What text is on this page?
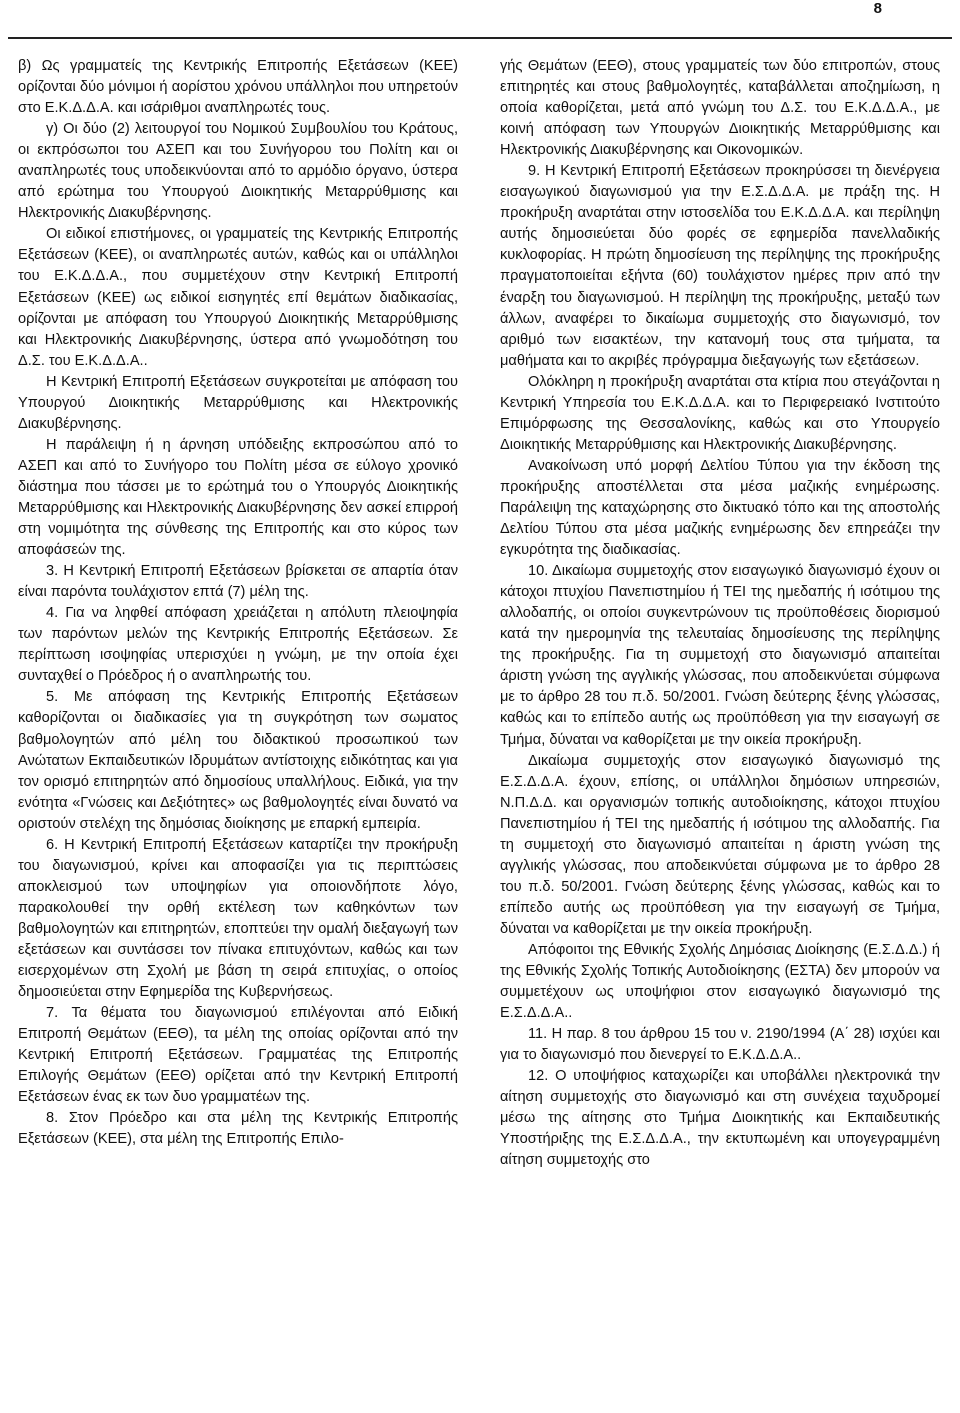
8

β) Ως γραμματείς της Κεντρικής Επιτροπής Εξετάσεων (ΚΕΕ) ορίζονται δύο μόνιμοι ή αορίστου χρόνου υπάλληλοι που υπηρετούν στο Ε.Κ.Δ.Δ.Α. και ισάριθμοι αναπληρωτές τους.

γ) Οι δύο (2) λειτουργοί του Νομικού Συμβουλίου του Κράτους, οι εκπρόσωποι του ΑΣΕΠ και του Συνήγορου του Πολίτη και οι αναπληρωτές τους υποδεικνύονται από το αρμόδιο όργανο, ύστερα από ερώτημα του Υπουργού Διοικητικής Μεταρρύθμισης και Ηλεκτρονικής Διακυβέρνησης.

Οι ειδικοί επιστήμονες, οι γραμματείς της Κεντρικής Επιτροπής Εξετάσεων (ΚΕΕ), οι αναπληρωτές αυτών, καθώς και οι υπάλληλοι του Ε.Κ.Δ.Δ.Α., που συμμετέχουν στην Κεντρική Επιτροπή Εξετάσεων (ΚΕΕ) ως ειδικοί εισηγητές επί θεμάτων διαδικασίας, ορίζονται με απόφαση του Υπουργού Διοικητικής Μεταρρύθμισης και Ηλεκτρονικής Διακυβέρνησης, ύστερα από γνωμοδότηση του Δ.Σ. του Ε.Κ.Δ.Δ.Α..

Η Κεντρική Επιτροπή Εξετάσεων συγκροτείται με απόφαση του Υπουργού Διοικητικής Μεταρρύθμισης και Ηλεκτρονικής Διακυβέρνησης.

Η παράλειψη ή η άρνηση υπόδειξης εκπροσώπου από το ΑΣΕΠ και από το Συνήγορο του Πολίτη μέσα σε εύλογο χρονικό διάστημα που τάσσει με το ερώτημά του ο Υπουργός Διοικητικής Μεταρρύθμισης και Ηλεκτρονικής Διακυβέρνησης δεν ασκεί επιρροή στη νομιμότητα της σύνθεσης της Επιτροπής και στο κύρος των αποφάσεών της.

3. Η Κεντρική Επιτροπή Εξετάσεων βρίσκεται σε απαρτία όταν είναι παρόντα τουλάχιστον επτά (7) μέλη της.

4. Για να ληφθεί απόφαση χρειάζεται η απόλυτη πλειοψηφία των παρόντων μελών της Κεντρικής Επιτροπής Εξετάσεων. Σε περίπτωση ισοψηφίας υπερισχύει η γνώμη, με την οποία έχει συνταχθεί ο Πρόεδρος ή ο αναπληρωτής του.

5. Με απόφαση της Κεντρικής Επιτροπής Εξετάσεων καθορίζονται οι διαδικασίες για τη συγκρότηση των σωματος βαθμολογητών από μέλη του διδακτικού προσωπικού των Ανώτατων Εκπαιδευτικών Ιδρυμάτων αντίστοιχης ειδικότητας και για τον ορισμό επιτηρητών από δημοσίους υπαλλήλους. Ειδικά, για την ενότητα «Γνώσεις και Δεξιότητες» ως βαθμολογητές είναι δυνατό να οριστούν στελέχη της δημόσιας διοίκησης με επαρκή εμπειρία.

6. Η Κεντρική Επιτροπή Εξετάσεων καταρτίζει την προκήρυξη του διαγωνισμού, κρίνει και αποφασίζει για τις περιπτώσεις αποκλεισμού των υποψηφίων για οποιονδήποτε λόγο, παρακολουθεί την ορθή εκτέλεση των καθηκόντων των βαθμολογητών και επιτηρητών, εποπτεύει την ομαλή διεξαγωγή των εξετάσεων και συντάσσει τον πίνακα επιτυχόντων, καθώς και των εισερχομένων στη Σχολή με βάση τη σειρά επιτυχίας, ο οποίος δημοσιεύεται στην Εφημερίδα της Κυβερνήσεως.

7. Τα θέματα του διαγωνισμού επιλέγονται από Ειδική Επιτροπή Θεμάτων (ΕΕΘ), τα μέλη της οποίας ορίζονται από την Κεντρική Επιτροπή Εξετάσεων. Γραμματέας της Επιτροπής Επιλογής Θεμάτων (ΕΕΘ) ορίζεται από την Κεντρική Επιτροπή Εξετάσεων ένας εκ των δυο γραμματέων της.

8. Στον Πρόεδρο και στα μέλη της Κεντρικής Επιτροπής Εξετάσεων (ΚΕΕ), στα μέλη της Επιτροπής Επιλο-

γής Θεμάτων (ΕΕΘ), στους γραμματείς των δύο επιτροπών, στους επιτηρητές και στους βαθμολογητές, καταβάλλεται αποζημίωση, η οποία καθορίζεται, μετά από γνώμη του Δ.Σ. του Ε.Κ.Δ.Δ.Α., με κοινή απόφαση των Υπουργών Διοικητικής Μεταρρύθμισης και Ηλεκτρονικής Διακυβέρνησης και Οικονομικών.

9. Η Κεντρική Επιτροπή Εξετάσεων προκηρύσσει τη διενέργεια εισαγωγικού διαγωνισμού για την Ε.Σ.Δ.Δ.Α. με πράξη της. Η προκήρυξη αναρτάται στην ιστοσελίδα του Ε.Κ.Δ.Δ.Α. και περίληψη αυτής δημοσιεύεται δύο φορές σε εφημερίδα πανελλαδικής κυκλοφορίας. Η πρώτη δημοσίευση της περίληψης της προκήρυξης πραγματοποιείται εξήντα (60) τουλάχιστον ημέρες πριν από την έναρξη του διαγωνισμού. Η περίληψη της προκήρυξης, μεταξύ των άλλων, αναφέρει το δικαίωμα συμμετοχής στο διαγωνισμό, τον αριθμό των εισακτέων, την κατανομή τους στα τμήματα, τα μαθήματα και το ακριβές πρόγραμμα διεξαγωγής των εξετάσεων.

Ολόκληρη η προκήρυξη αναρτάται στα κτίρια που στεγάζονται η Κεντρική Υπηρεσία του Ε.Κ.Δ.Δ.Α. και το Περιφερειακό Ινστιτούτο Επιμόρφωσης της Θεσσαλονίκης, καθώς και στο Υπουργείο Διοικητικής Μεταρρύθμισης και Ηλεκτρονικής Διακυβέρνησης.

Ανακοίνωση υπό μορφή Δελτίου Τύπου για την έκδοση της προκήρυξης αποστέλλεται στα μέσα μαζικής ενημέρωσης. Παράλειψη της καταχώρησης στο δικτυακό τόπο και της αποστολής Δελτίου Τύπου στα μέσα μαζικής ενημέρωσης δεν επηρεάζει την εγκυρότητα της διαδικασίας.

10. Δικαίωμα συμμετοχής στον εισαγωγικό διαγωνισμό έχουν οι κάτοχοι πτυχίου Πανεπιστημίου ή ΤΕΙ της ημεδαπής ή ισότιμου της αλλοδαπής, οι οποίοι συγκεντρώνουν τις προϋποθέσεις διορισμού κατά την ημερομηνία της τελευταίας δημοσίευσης της περίληψης της προκήρυξης. Για τη συμμετοχή στο διαγωνισμό απαιτείται άριστη γνώση της αγγλικής γλώσσας, που αποδεικνύεται σύμφωνα με το άρθρο 28 του π.δ. 50/2001. Γνώση δεύτερης ξένης γλώσσας, καθώς και το επίπεδο αυτής ως προϋπόθεση για την εισαγωγή σε Τμήμα, δύναται να καθορίζεται με την οικεία προκήρυξη.

Δικαίωμα συμμετοχής στον εισαγωγικό διαγωνισμό της Ε.Σ.Δ.Δ.Α. έχουν, επίσης, οι υπάλληλοι δημόσιων υπηρεσιών, Ν.Π.Δ.Δ. και οργανισμών τοπικής αυτοδιοίκησης, κάτοχοι πτυχίου Πανεπιστημίου ή ΤΕΙ της ημεδαπής ή ισότιμου της αλλοδαπής. Για τη συμμετοχή στο διαγωνισμό απαιτείται η άριστη γνώση της αγγλικής γλώσσας, που αποδεικνύεται σύμφωνα με το άρθρο 28 του π.δ. 50/2001. Γνώση δεύτερης ξένης γλώσσας, καθώς και το επίπεδο αυτής ως προϋπόθεση για την εισαγωγή σε Τμήμα, δύναται να καθορίζεται με την οικεία προκήρυξη.

Απόφοιτοι της Εθνικής Σχολής Δημόσιας Διοίκησης (Ε.Σ.Δ.Δ.) ή της Εθνικής Σχολής Τοπικής Αυτοδιοίκησης (ΕΣΤΑ) δεν μπορούν να συμμετέχουν ως υποψήφιοι στον εισαγωγικό διαγωνισμό της Ε.Σ.Δ.Δ.Α..

11. Η παρ. 8 του άρθρου 15 του ν. 2190/1994 (Α΄ 28) ισχύει και για το διαγωνισμό που διενεργεί το Ε.Κ.Δ.Δ.Α..

12. Ο υποψήφιος καταχωρίζει και υποβάλλει ηλεκτρονικά την αίτηση συμμετοχής στο διαγωνισμό και στη συνέχεια ταχυδρομεί μέσω της αίτησης στο Τμήμα Διοικητικής και Εκπαιδευτικής Υποστήριξης της Ε.Σ.Δ.Δ.Α., την εκτυπωμένη και υπογεγραμμένη αίτηση συμμετοχής στο
